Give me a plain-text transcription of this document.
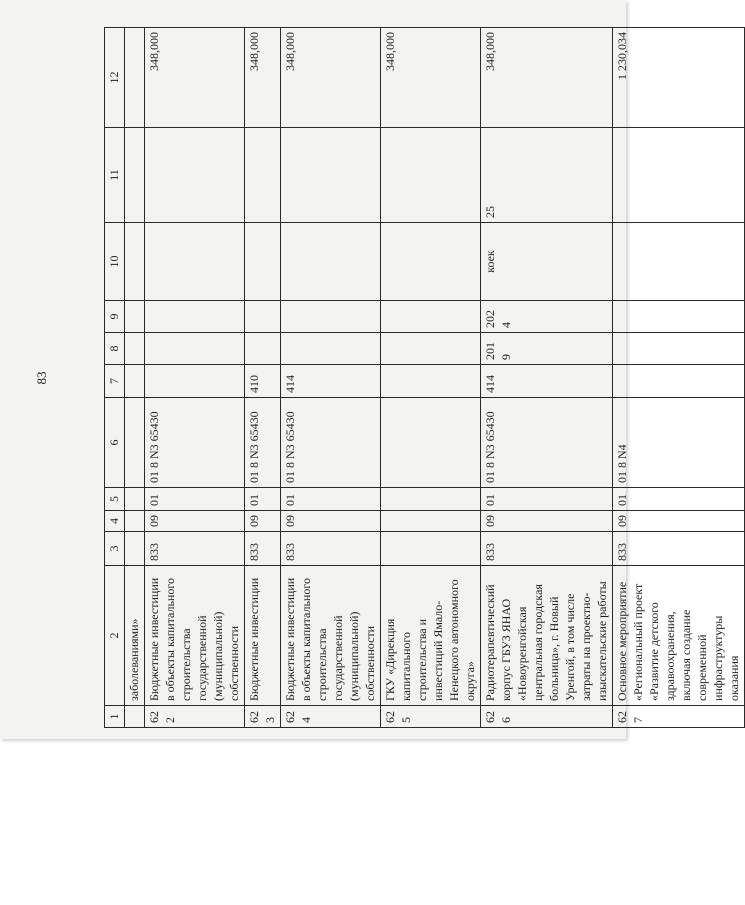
83
1	2	3	4	5	6	7	8	9	10	11	12
	заболеваниями»										
622	Бюджетные инвестиции в объекты капитального строительства государственной (муниципальной) собственности	833	09	01	01 8 N3 65430						348,000
623	Бюджетные инвестиции	833	09	01	01 8 N3 65430	410					348,000
624	Бюджетные инвестиции в объекты капитального строительства государственной (муниципальной) собственности	833	09	01	01 8 N3 65430	414					348,000
625	ГКУ «Дирекция капитального строительства и инвестиций Ямало-Ненецкого автономного округа»										348,000
626	Радиотерапевтический корпус ГБУЗ ЯНАО «Новоуренгойская центральная городская больница», г. Новый Уренгой, в том числе затраты на проектно-изыскательские работы	833	09	01	01 8 N3 65430	414	2019	2024	коек	25	348,000
627	Основное мероприятие «Региональный проект «Развитие детского здравоохранения, включая создание современной инфраструктуры оказания	833	09	01	01 8 N4						1 230,034
